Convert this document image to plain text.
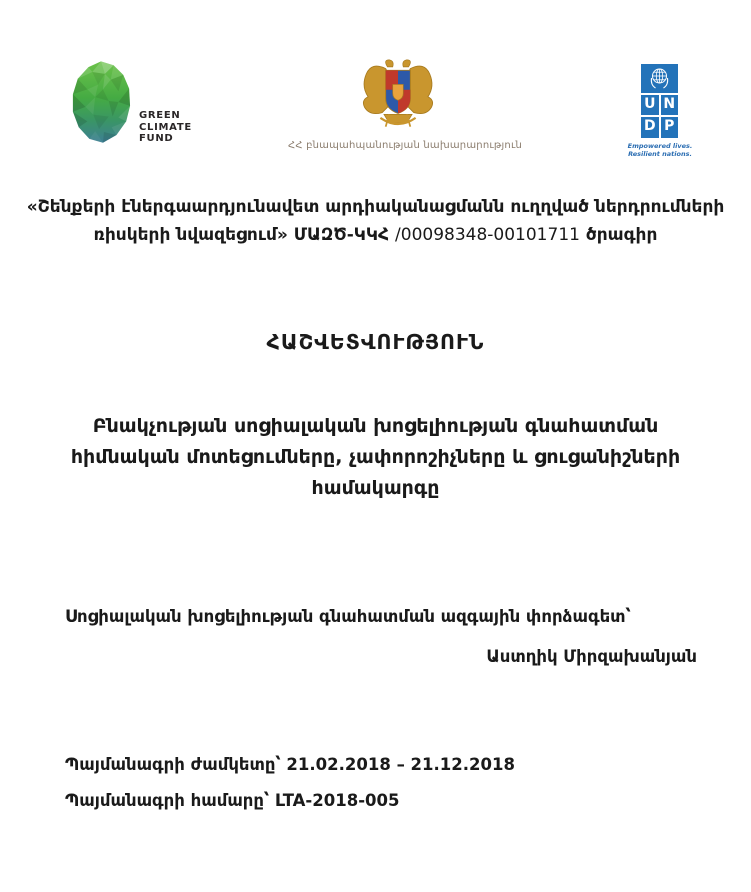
GREEN
CLIMATE
FUND
ՀՀ բնապահպանության նախարարություն
U N
D P
Empowered lives.
Resilient nations.
«Շենքերի էներգաարդյունավետ արդիականացմանն ուղղված ներդրումների
ռիսկերի նվազեցում» ՄԱԶԾ-ԿԿՀ /00098348-00101711 ծրագիր
ՀԱՇՎԵՏՎՈՒԹՅՈՒՆ
Բնակչության սոցիալական խոցելիության գնահատման
հիմնական մոտեցումները, չափորոշիչները և ցուցանիշների
համակարգը
Սոցիալական խոցելիության գնահատման ազգային փորձագետ՝
Աստղիկ Միրզախանյան
Պայմանագրի ժամկետը՝ 21.02.2018 – 21.12.2018
Պայմանագրի համարը՝ LTA-2018-005
